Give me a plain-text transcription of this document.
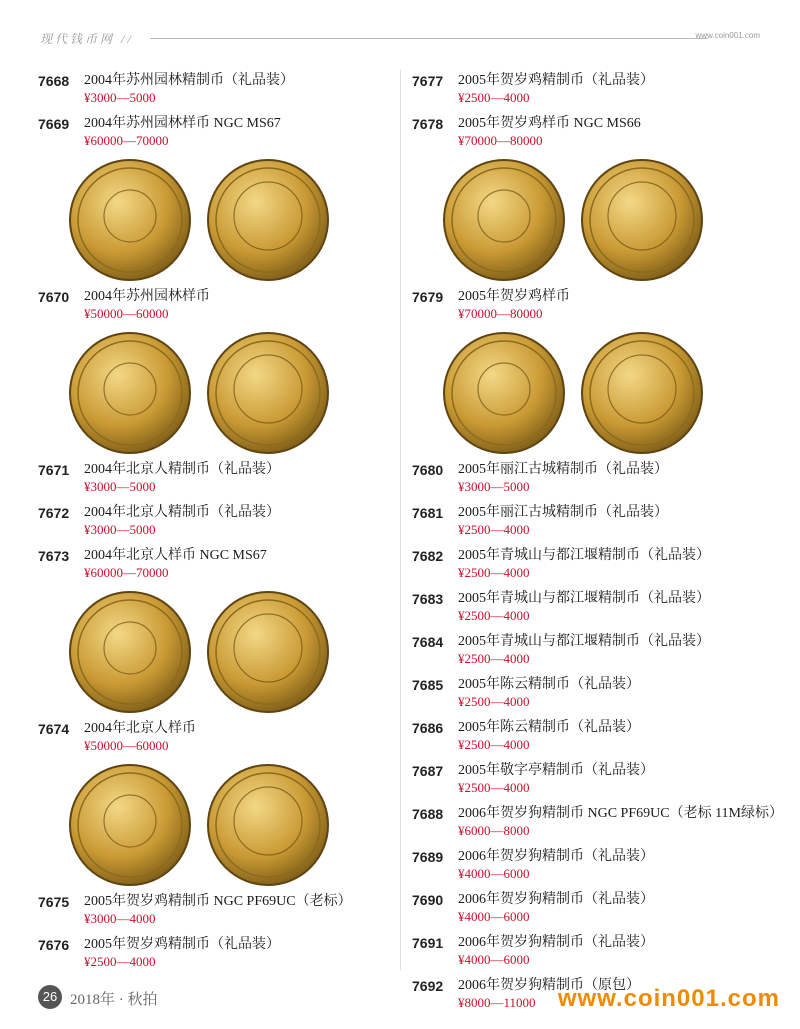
现代钱币网 //	www.coin001.com
7668	2004年苏州园林精制币（礼品装）
¥3000—5000
7669	2004年苏州园林样币 NGC MS67
¥60000—70000
7670	2004年苏州园林样币
¥50000—60000
7671	2004年北京人精制币（礼品装）
¥3000—5000
7672	2004年北京人精制币（礼品装）
¥3000—5000
7673	2004年北京人样币 NGC MS67
¥60000—70000
7674	2004年北京人样币
¥50000—60000
7675	2005年贺岁鸡精制币 NGC PF69UC（老标）
¥3000—4000
7676	2005年贺岁鸡精制币（礼品装）
¥2500—4000
7677	2005年贺岁鸡精制币（礼品装）
¥2500—4000
7678	2005年贺岁鸡样币 NGC MS66
¥70000—80000
7679	2005年贺岁鸡样币
¥70000—80000
7680	2005年丽江古城精制币（礼品装）
¥3000—5000
7681	2005年丽江古城精制币（礼品装）
¥2500—4000
7682	2005年青城山与都江堰精制币（礼品装）
¥2500—4000
7683	2005年青城山与都江堰精制币（礼品装）
¥2500—4000
7684	2005年青城山与都江堰精制币（礼品装）
¥2500—4000
7685	2005年陈云精制币（礼品装）
¥2500—4000
7686	2005年陈云精制币（礼品装）
¥2500—4000
7687	2005年敬字亭精制币（礼品装）
¥2500—4000
7688	2006年贺岁狗精制币 NGC PF69UC（老标 11M绿标）
¥6000—8000
7689	2006年贺岁狗精制币（礼品装）
¥4000—6000
7690	2006年贺岁狗精制币（礼品装）
¥4000—6000
7691	2006年贺岁狗精制币（礼品装）
¥4000—6000
7692	2006年贺岁狗精制币（原包）
¥8000—11000
26 2018年 · 秋拍	www.coin001.com
